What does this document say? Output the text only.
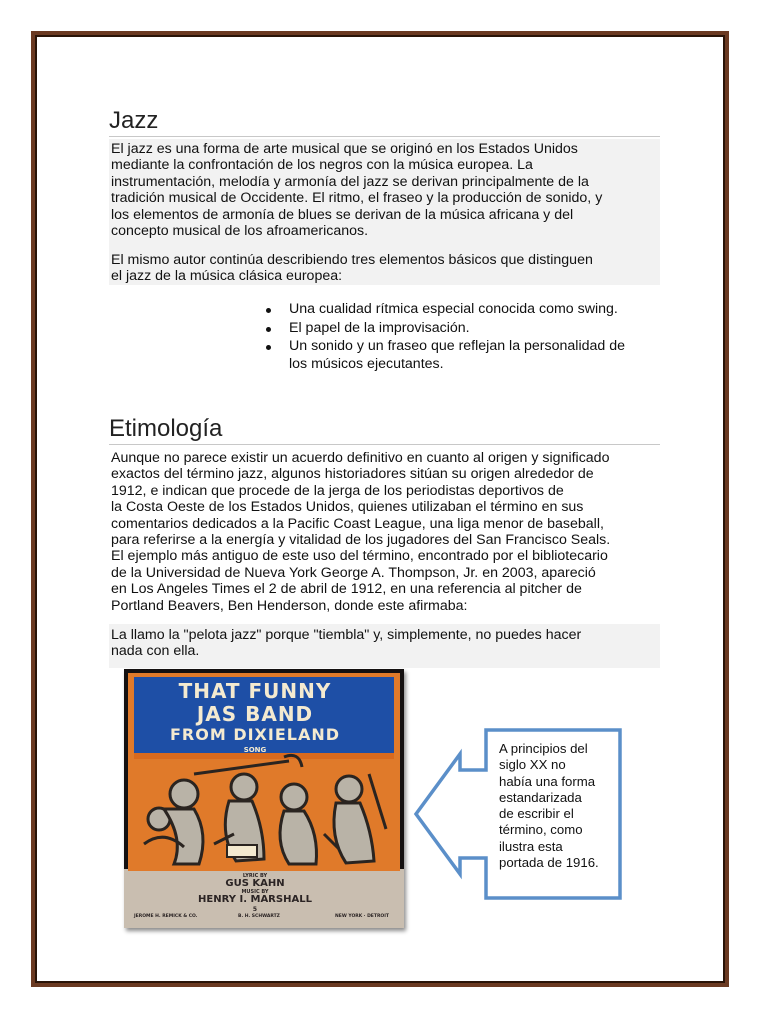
Jazz
El jazz es una forma de arte musical que se originó en los Estados Unidos
mediante la confrontación de los negros con la música europea. La
instrumentación, melodía y armonía del jazz se derivan principalmente de la
tradición musical de Occidente. El ritmo, el fraseo y la producción de sonido, y
los elementos de armonía de blues se derivan de la música africana y del
concepto musical de los afroamericanos.
El mismo autor continúa describiendo tres elementos básicos que distinguen
el jazz de la música clásica europea:
Una cualidad rítmica especial conocida como swing.
El papel de la improvisación.
Un sonido y un fraseo que reflejan la personalidad de
los músicos ejecutantes.
Etimología
Aunque no parece existir un acuerdo definitivo en cuanto al origen y significado
exactos del término jazz, algunos historiadores sitúan su origen alrededor de
1912, e indican que procede de la jerga de los periodistas deportivos de
la Costa Oeste de los Estados Unidos, quienes utilizaban el término en sus
comentarios dedicados a la Pacific Coast League, una liga menor de baseball,
para referirse a la energía y vitalidad de los jugadores del San Francisco Seals.
El ejemplo más antiguo de este uso del término, encontrado por el bibliotecario
de la Universidad de Nueva York George A. Thompson, Jr. en 2003, apareció
en Los Angeles Times el 2 de abril de 1912, en una referencia al pitcher de
Portland Beavers, Ben Henderson, donde este afirmaba:
La llamo la "pelota jazz" porque "tiembla" y, simplemente, no puedes hacer
nada con ella.
THAT FUNNY
JAS BAND
FROM DIXIELAND
SONG
LYRIC BY
GUS KAHN
MUSIC BY
HENRY I. MARSHALL
5
JEROME H. REMICK & CO.	B. H. SCHWARTZ	NEW YORK · DETROIT
A principios del
siglo XX no
había una forma
estandarizada
de escribir el
término, como
ilustra esta
portada de 1916.
